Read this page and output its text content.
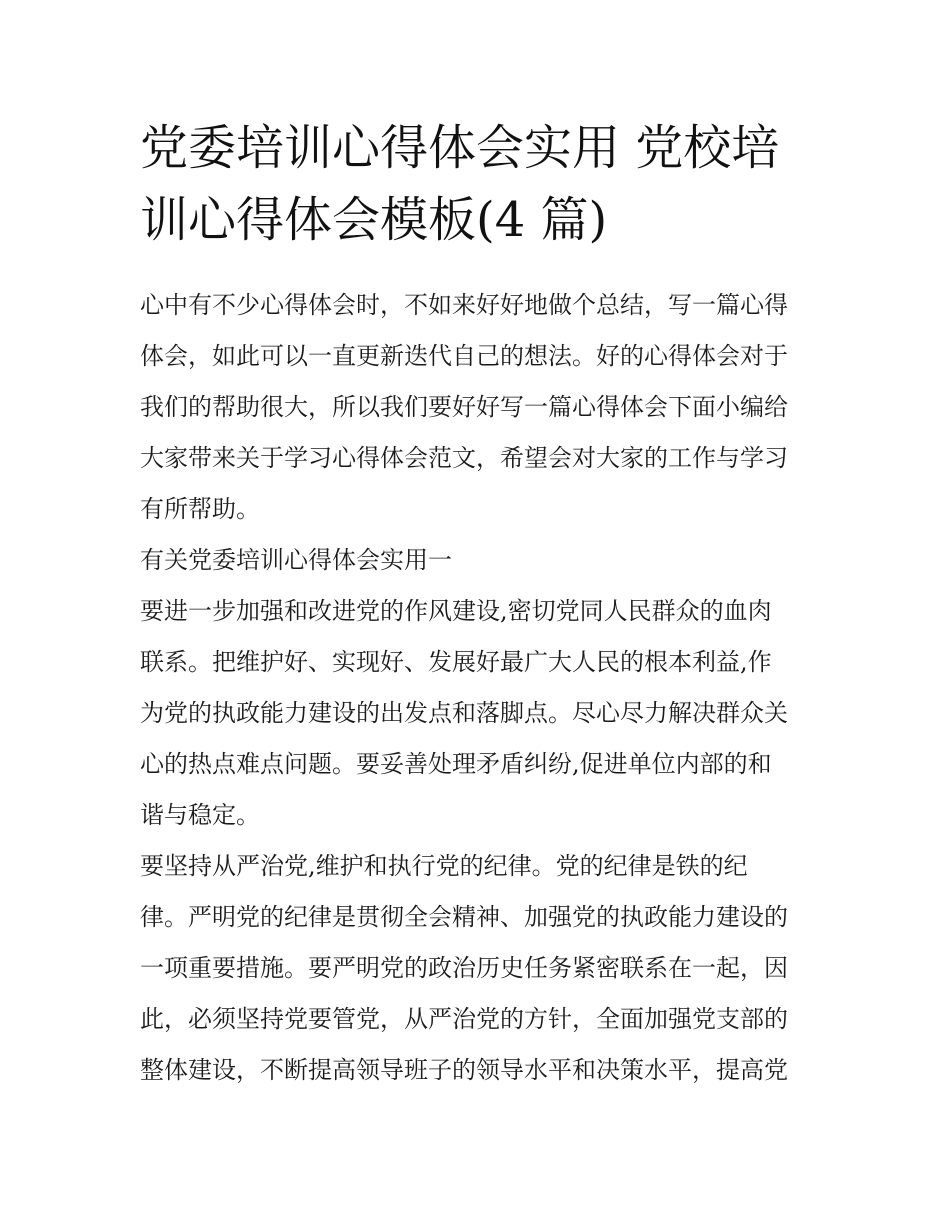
党委培训心得体会实用 党校培
训心得体会模板(4 篇)
心中有不少心得体会时，不如来好好地做个总结，写一篇心得
体会，如此可以一直更新迭代自己的想法。好的心得体会对于
我们的帮助很大，所以我们要好好写一篇心得体会下面小编给
大家带来关于学习心得体会范文，希望会对大家的工作与学习
有所帮助。
有关党委培训心得体会实用一
要进一步加强和改进党的作风建设,密切党同人民群众的血肉
联系。把维护好、实现好、发展好最广大人民的根本利益,作
为党的执政能力建设的出发点和落脚点。尽心尽力解决群众关
心的热点难点问题。要妥善处理矛盾纠纷,促进单位内部的和
谐与稳定。
要坚持从严治党,维护和执行党的纪律。党的纪律是铁的纪
律。严明党的纪律是贯彻全会精神、加强党的执政能力建设的
一项重要措施。要严明党的政治历史任务紧密联系在一起，因
此，必须坚持党要管党，从严治党的方针，全面加强党支部的
整体建设，不断提高领导班子的领导水平和决策水平，提高党
